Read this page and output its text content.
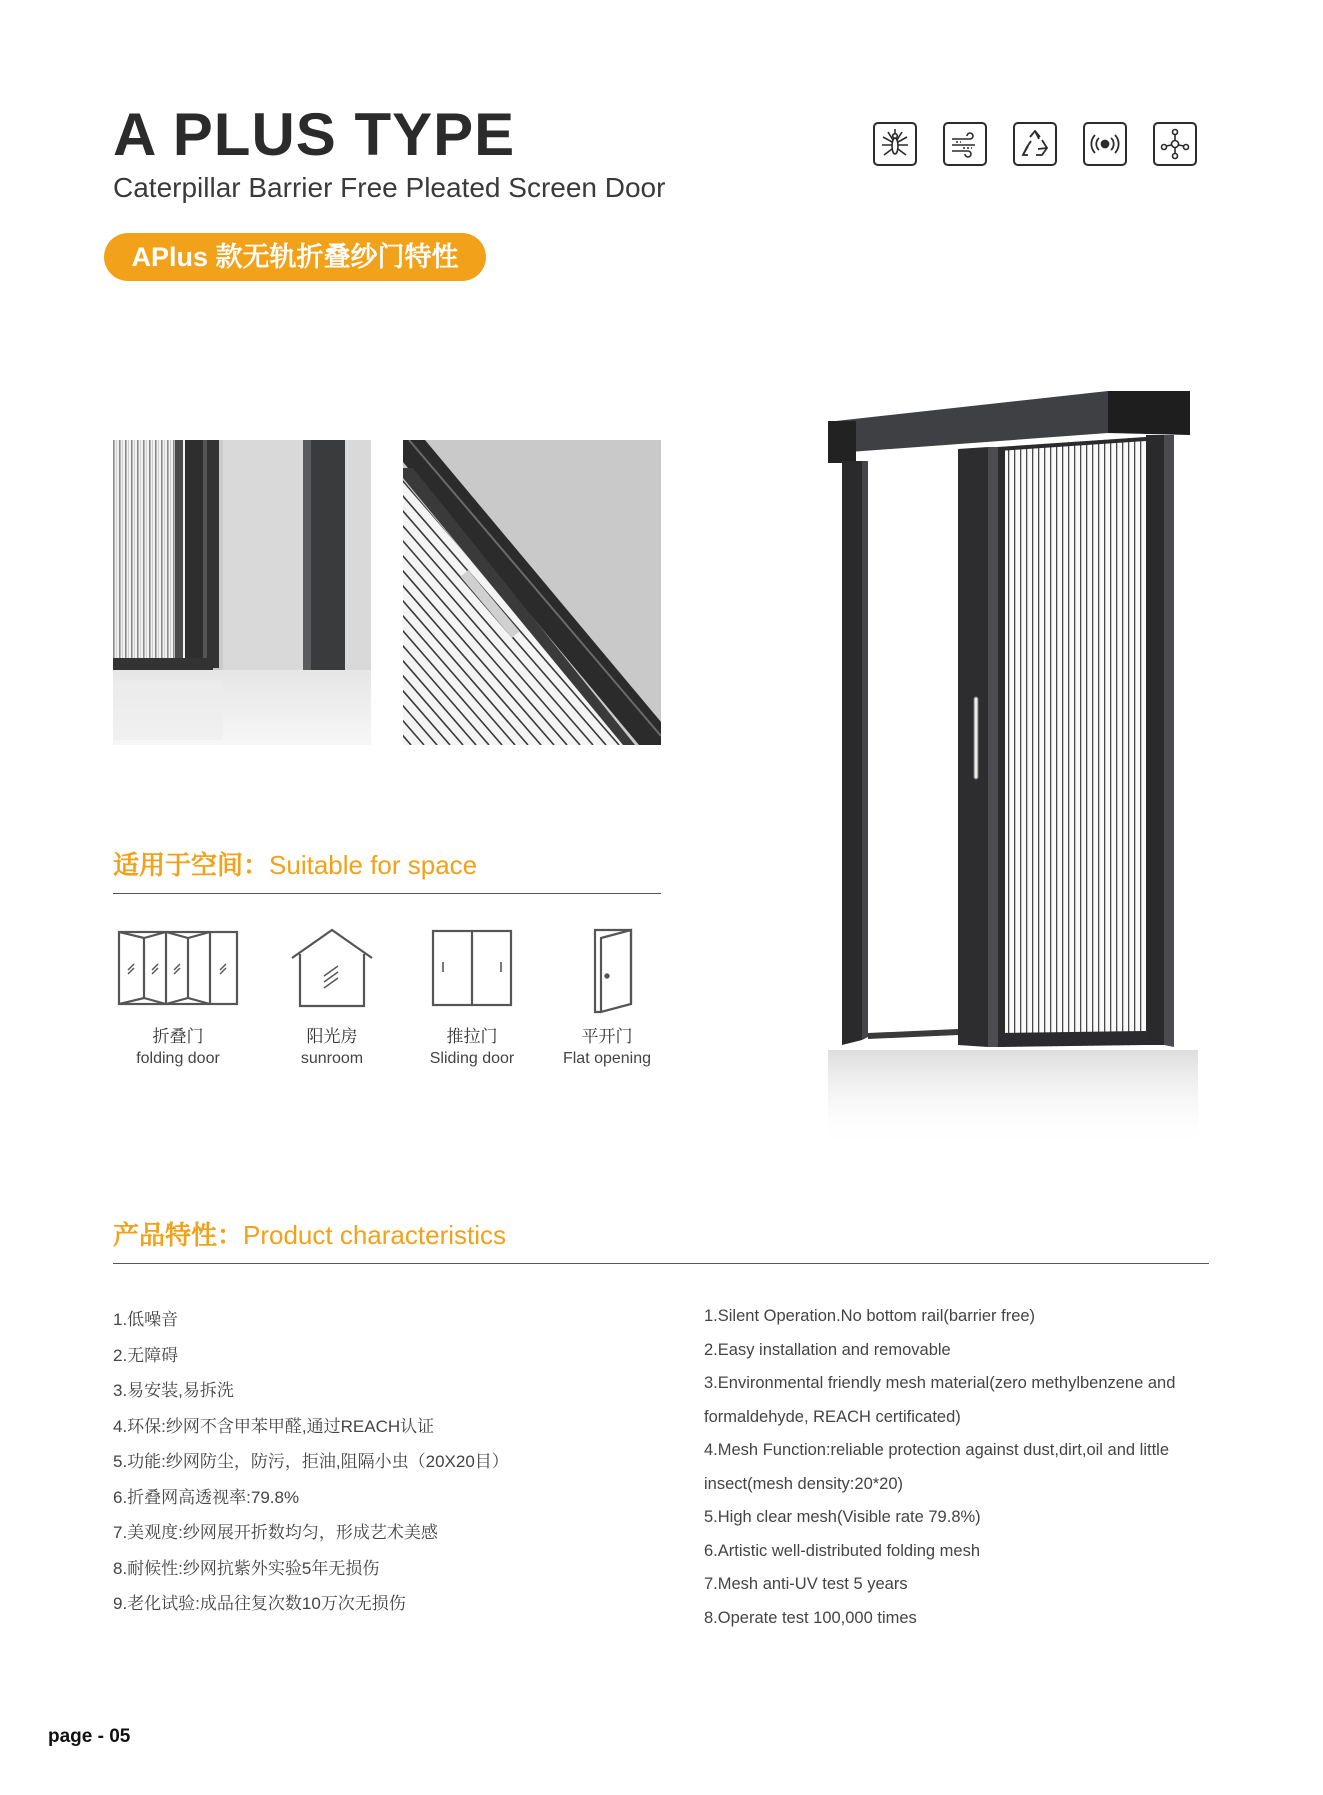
A PLUS TYPE
Caterpillar Barrier Free Pleated Screen Door
APlus 款无轨折叠纱门特性
适用于空间：Suitable for space
折叠门
folding door
阳光房
sunroom
推拉门
Sliding door
平开门
Flat opening
产品特性：Product characteristics
1.低噪音
2.无障碍
3.易安装,易拆洗
4.环保:纱网不含甲苯甲醛,通过REACH认证
5.功能:纱网防尘，防污，拒油,阻隔小虫（20X20目）
6.折叠网高透视率:79.8%
7.美观度:纱网展开折数均匀，形成艺术美感
8.耐候性:纱网抗紫外实验5年无损伤
9.老化试验:成品往复次数10万次无损伤
1.Silent Operation.No bottom rail(barrier free)
2.Easy installation and removable
3.Environmental friendly mesh material(zero methylbenzene and
formaldehyde, REACH certificated)
4.Mesh Function:reliable protection against dust,dirt,oil and little
insect(mesh density:20*20)
5.High clear mesh(Visible rate 79.8%)
6.Artistic well-distributed folding mesh
7.Mesh anti-UV test 5 years
8.Operate test 100,000 times
page - 05
